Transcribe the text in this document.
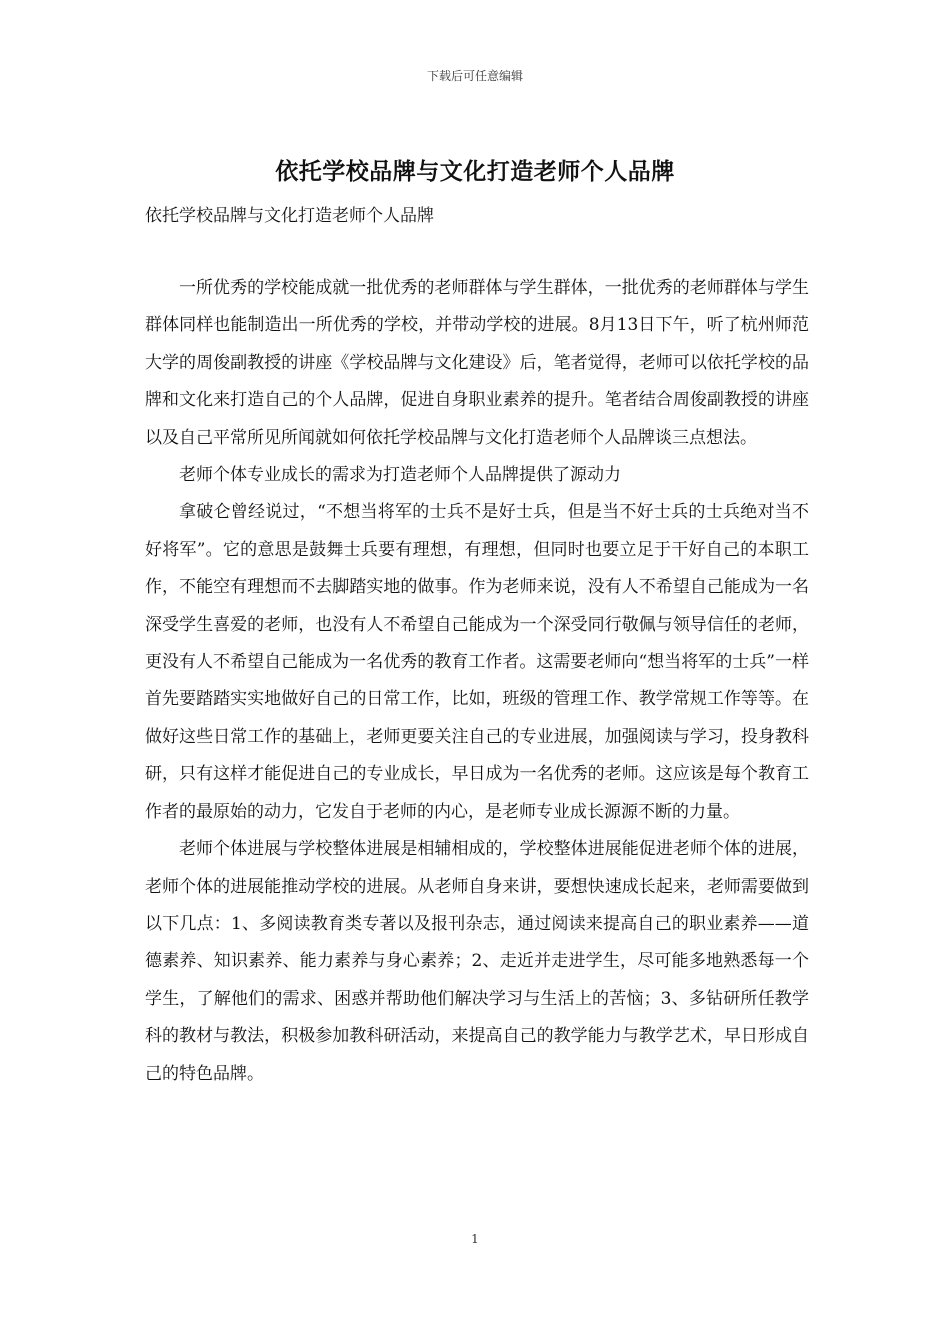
下载后可任意编辑
依托学校品牌与文化打造老师个人品牌
依托学校品牌与文化打造老师个人品牌

一所优秀的学校能成就一批优秀的老师群体与学生群体，一批优秀的老师群体与学生群体同样也能制造出一所优秀的学校，并带动学校的进展。8月13日下午，听了杭州师范大学的周俊副教授的讲座《学校品牌与文化建设》后，笔者觉得，老师可以依托学校的品牌和文化来打造自己的个人品牌，促进自身职业素养的提升。笔者结合周俊副教授的讲座以及自己平常所见所闻就如何依托学校品牌与文化打造老师个人品牌谈三点想法。

老师个体专业成长的需求为打造老师个人品牌提供了源动力

拿破仑曾经说过，“不想当将军的士兵不是好士兵，但是当不好士兵的士兵绝对当不好将军”。它的意思是鼓舞士兵要有理想，有理想，但同时也要立足于干好自己的本职工作，不能空有理想而不去脚踏实地的做事。作为老师来说，没有人不希望自己能成为一名深受学生喜爱的老师，也没有人不希望自己能成为一个深受同行敬佩与领导信任的老师，更没有人不希望自己能成为一名优秀的教育工作者。这需要老师向“想当将军的士兵”一样首先要踏踏实实地做好自己的日常工作，比如，班级的管理工作、教学常规工作等等。在做好这些日常工作的基础上，老师更要关注自己的专业进展，加强阅读与学习，投身教科研，只有这样才能促进自己的专业成长，早日成为一名优秀的老师。这应该是每个教育工作者的最原始的动力，它发自于老师的内心，是老师专业成长源源不断的力量。

老师个体进展与学校整体进展是相辅相成的，学校整体进展能促进老师个体的进展，老师个体的进展能推动学校的进展。从老师自身来讲，要想快速成长起来，老师需要做到以下几点：1、多阅读教育类专著以及报刊杂志，通过阅读来提高自己的职业素养——道德素养、知识素养、能力素养与身心素养；2、走近并走进学生，尽可能多地熟悉每一个学生，了解他们的需求、困惑并帮助他们解决学习与生活上的苦恼；3、多钻研所任教学科的教材与教法，积极参加教科研活动，来提高自己的教学能力与教学艺术，早日形成自己的特色品牌。

1
